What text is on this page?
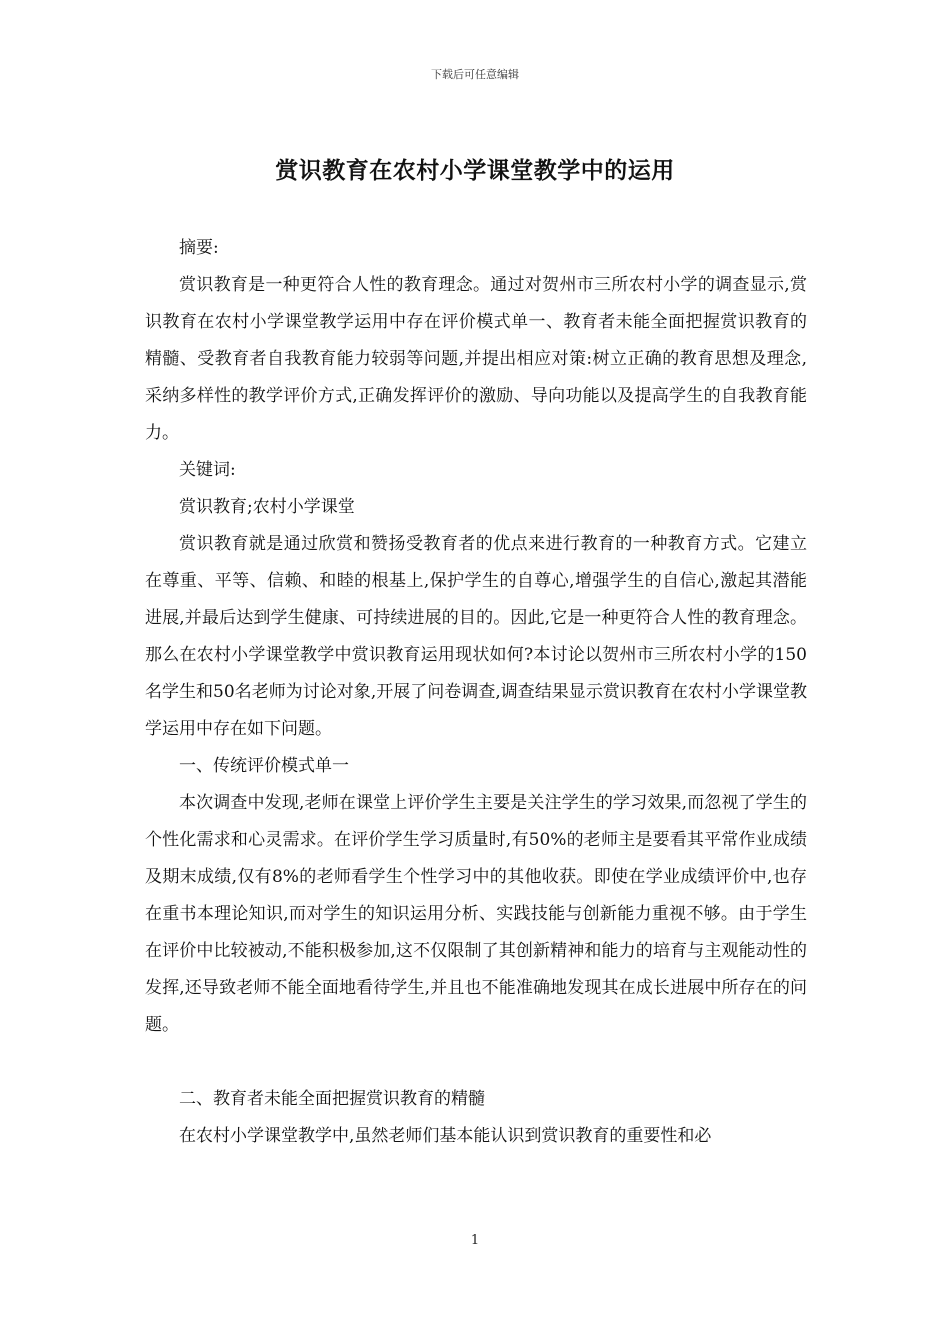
下载后可任意编辑
赏识教育在农村小学课堂教学中的运用

摘要:

赏识教育是一种更符合人性的教育理念。通过对贺州市三所农村小学的调查显示,赏识教育在农村小学课堂教学运用中存在评价模式单一、教育者未能全面把握赏识教育的精髓、受教育者自我教育能力较弱等问题,并提出相应对策:树立正确的教育思想及理念,采纳多样性的教学评价方式,正确发挥评价的激励、导向功能以及提高学生的自我教育能力。

关键词:

赏识教育;农村小学课堂

赏识教育就是通过欣赏和赞扬受教育者的优点来进行教育的一种教育方式。它建立在尊重、平等、信赖、和睦的根基上,保护学生的自尊心,增强学生的自信心,激起其潜能进展,并最后达到学生健康、可持续进展的目的。因此,它是一种更符合人性的教育理念。那么在农村小学课堂教学中赏识教育运用现状如何?本讨论以贺州市三所农村小学的150名学生和50名老师为讨论对象,开展了问卷调查,调查结果显示赏识教育在农村小学课堂教学运用中存在如下问题。

一、传统评价模式单一

本次调查中发现,老师在课堂上评价学生主要是关注学生的学习效果,而忽视了学生的个性化需求和心灵需求。在评价学生学习质量时,有50%的老师主是要看其平常作业成绩及期末成绩,仅有8%的老师看学生个性学习中的其他收获。即使在学业成绩评价中,也存在重书本理论知识,而对学生的知识运用分析、实践技能与创新能力重视不够。由于学生在评价中比较被动,不能积极参加,这不仅限制了其创新精神和能力的培育与主观能动性的发挥,还导致老师不能全面地看待学生,并且也不能准确地发现其在成长进展中所存在的问题。

二、教育者未能全面把握赏识教育的精髓

在农村小学课堂教学中,虽然老师们基本能认识到赏识教育的重要性和必

1
